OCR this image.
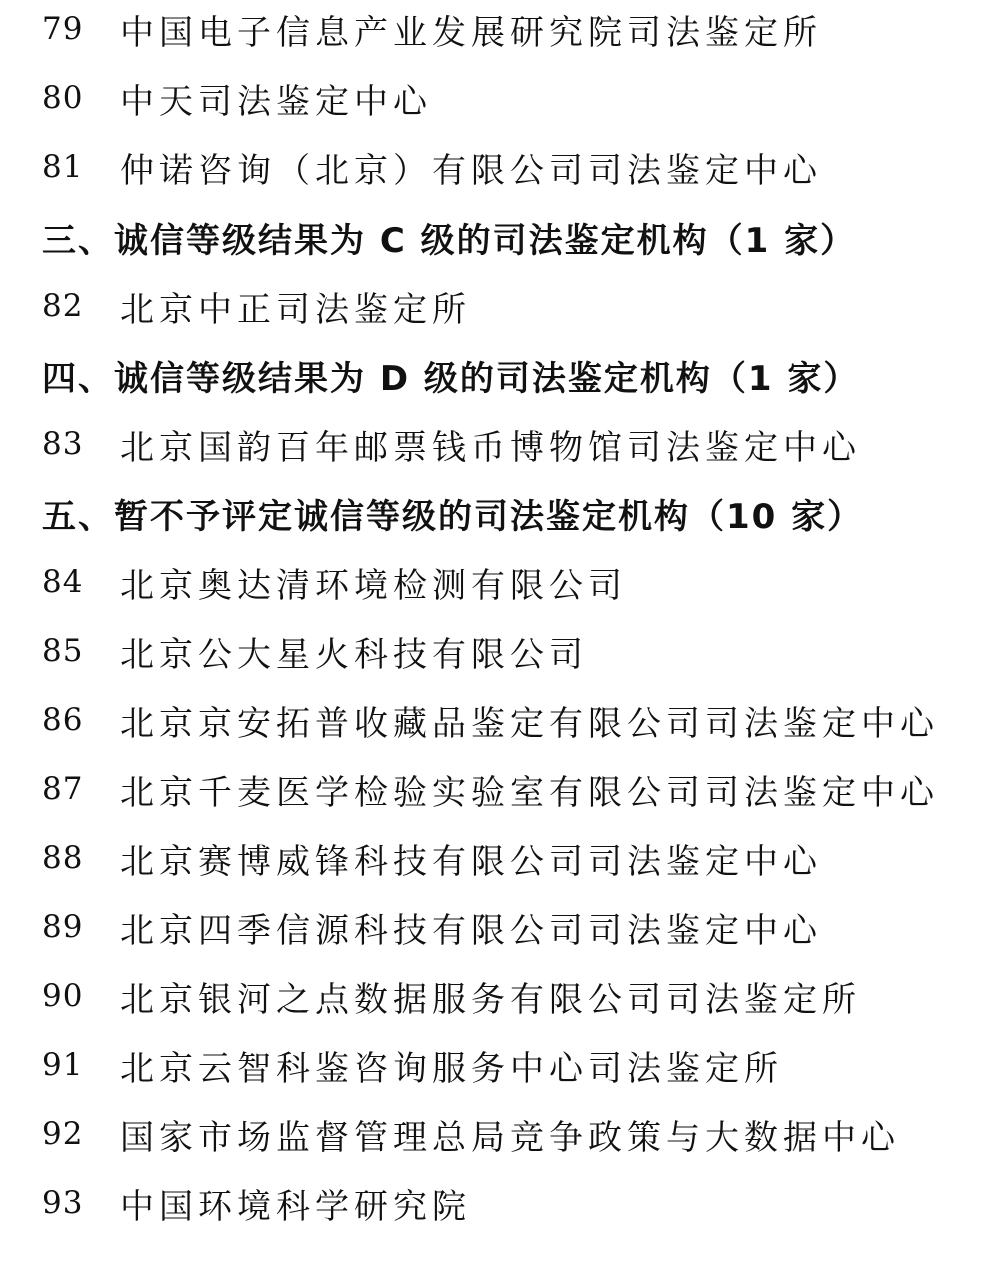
79	中国电子信息产业发展研究院司法鉴定所
80	中天司法鉴定中心
81	仲诺咨询（北京）有限公司司法鉴定中心
三、诚信等级结果为 C 级的司法鉴定机构（1 家）
82	北京中正司法鉴定所
四、诚信等级结果为 D 级的司法鉴定机构（1 家）
83	北京国韵百年邮票钱币博物馆司法鉴定中心
五、暂不予评定诚信等级的司法鉴定机构（10 家）
84	北京奥达清环境检测有限公司
85	北京公大星火科技有限公司
86	北京京安拓普收藏品鉴定有限公司司法鉴定中心
87	北京千麦医学检验实验室有限公司司法鉴定中心
88	北京赛博威锋科技有限公司司法鉴定中心
89	北京四季信源科技有限公司司法鉴定中心
90	北京银河之点数据服务有限公司司法鉴定所
91	北京云智科鉴咨询服务中心司法鉴定所
92	国家市场监督管理总局竞争政策与大数据中心
93	中国环境科学研究院
